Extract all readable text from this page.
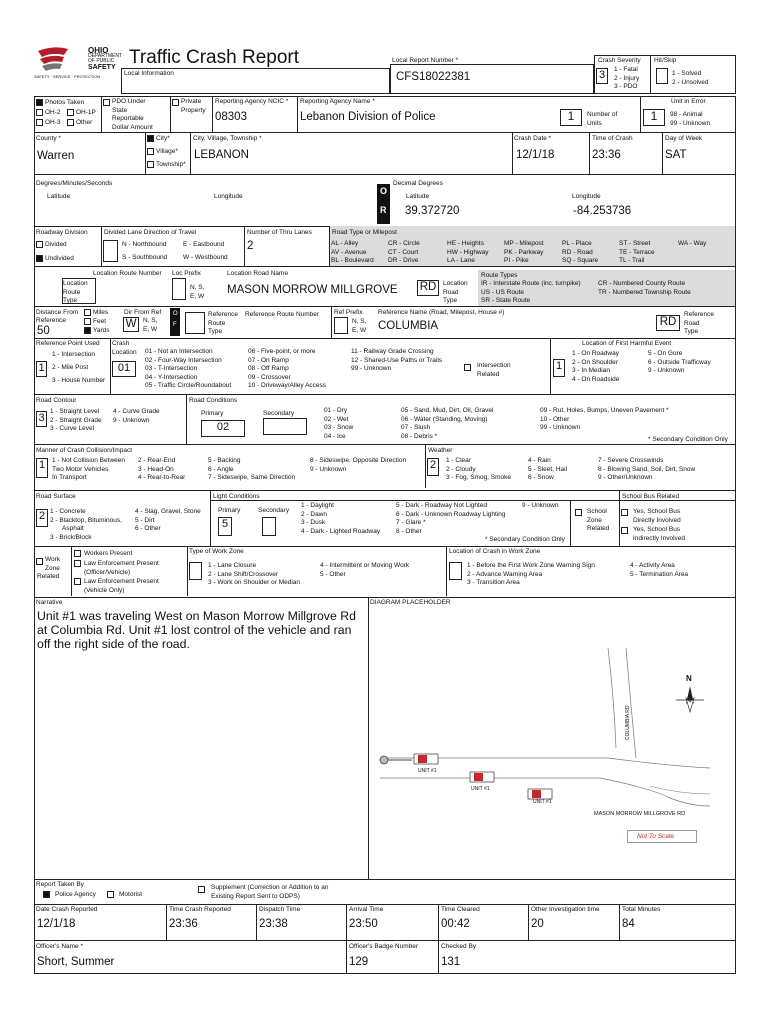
OHIO
DEPARTMENT
OF PUBLIC
SAFETY
SAFETY · SERVICE · PROTECTION
Traffic Crash Report
Local Information
Local Report Number *
CFS18022381
Crash Severity
3	1 - Fatal
2 - Injury
3 - PDO
Hit/Skip
1 - Solved
2 - Unsolved
Photos Taken
OH-2 OH-1P
OH-3 Other
PDO Under
State
Reportable
Dollar Amount
Private
Property
Reporting Agency NCIC *
08303
Reporting Agency Name *
Lebanon Division of Police	1	Number of
Units
Unit in Error
1	98 - Animal
99 - Unknown
County *
Warren
City*
Village*
Township*
City, Village, Township *
LEBANON
Crash Date *
12/1/18
Time of Crash
23:36
Day of Week
SAT
Degrees/Minutes/Seconds
Latitude	Longitude
O
R
Decimal Degrees
Latitude	Longitude
39.372720	-84.253736
Roadway Division
Divided
Undivided
Divided Lane Direction of Travel
N - Northbound	E - Eastbound
S - Southbound W - Westbound
Number of Thru Lanes
2
Road Type or Milepost
AL - Alley
AV - Avenue
BL - Boulevard
CR - Circle
CT - Court
DR - Drive
HE - Heights
HW - Highway
LA - Lane
MP - Milepost
PK - Parkway
PI - Pike
PL - Place
RD - Road
SQ - Square
ST - Street
TE - Terrace
TL - Trail
WA - Way
Location Route Number Loc Prefix	Location Road Name
Location
Route
Type
N, S,
E, W MASON MORROW MILLGROVE RD	Location
Road
Type
Route Types
IR - Interstate Route (inc. turnpike)
US - US Route
SR - State Route
CR - Numbered County Route
TR - Numbered Township Route
Distance From
Reference
50
Miles
Feet
Yards
Dir From Ref
W	N, S,
E, W
O
F
Reference
Route
Type
Reference Route Number Ref Prefix
N, S,
E, W
Reference Name (Road, Milepost, House #)
COLUMBIA	RD
Reference
Road
Type
Reference Point Used
1
1 - Intersection
2 - Mile Post
3 - House Number
Crash
Location
01
01 - Not an Intersection
02 - Four-Way Intersection
03 - T-Intersection
04 - Y-Intersection
05 - Traffic Circle/Roundabout
06 - Five-point, or more
07 - On Ramp
08 - Off Ramp
09 - Crossover
10 - Driveway/Alley Access
11 - Railway Grade Crossing
12 - Shared-Use Paths or Trails
99 - Unknown	Intersection
Related
Location of First Harmful Event
1
1 - On Roadway
2 - On Shoulder
3 - In Median
4 - On Roadside
5 - On Gore
6 - Outside Trafficway
9 - Unknown
Road Contour
3
1 - Straight Level
2 - Straight Grade
3 - Curve Level
4 - Curve Grade
9 - Unknown
Road Conditions
Primary	Secondary
02
01 - Dry
02 - Wet
03 - Snow
04 - Ice
05 - Sand, Mud, Dirt, Oil, Gravel
06 - Water (Standing, Moving)
07 - Slush
08 - Debris *
09 - Rut, Holes, Bumps, Uneven Pavement *
10 - Other
99 - Unknown
* Secondary Condition Only
Manner of Crash Collision/Impact
1	1 - Not Collision Between
Two Motor Vehicles
In Transport
2 - Rear-End
3 - Head-On
4 - Rear-to-Rear
5 - Backing
6 - Angle
7 - Sideswipe, Same Direction
8 - Sideswipe, Opposite Direction
9 - Unknown
Weather
2	1 - Clear
2 - Cloudy
3 - Fog, Smog, Smoke
4 - Rain
5 - Sleet, Hail
6 - Snow
7 - Severe Crosswinds
8 - Blowing Sand, Soil, Dirt, Snow
9 - Other/Unknown
Road Surface
2 1 - Concrete
2 - Blacktop, Bituminous,
Asphalt
3 - Brick/Block
4 - Slag, Gravel, Stone
5 - Dirt
6 - Other
Light Conditions
Primary	Secondary
5
1 - Daylight
2 - Dawn
3 - Dusk
4 - Dark - Lighted Roadway
5 - Dark - Roadway Not Lighted
6 - Dark - Unknown Roadway Lighting
7 - Glare *
8 - Other
9 - Unknown
* Secondary Condition Only
School
Zone
Related
School Bus Related
Yes, School Bus
Directly Involved
Yes, School Bus
Indirectly Involved
Work
Zone
Related
Workers Present
Law Enforcement Present
(Officer/Vehicle)
Law Enforcement Present
(Vehicle Only)
Type of Work Zone
1 - Lane Closure
2 - Lane Shift/Crossover
3 - Work on Shoulder or Median
4 - Intermittent or Moving Work
5 - Other
Location of Crash in Work Zone
1 - Before the First Work Zone Warning Sign
2 - Advance Warning Area
3 - Transition Area
4 - Activity Area
5 - Termination Area
Narrative
Unit #1 was traveling West on Mason Morrow Millgrove Rd at Columbia Rd. Unit #1 lost control of the vehicle and ran off the right side of the road.
DIAGRAM PLACEHOLDER
N
COLUMBIA RD
UNIT #1
UNIT #1
UNIT #1
MASON MORROW MILLGROVE RD
Not To Scale
Report Taken By
Police Agency	Motorist
Supplement (Correction or Addition to an
Existing Report Sent to ODPS)
Date Crash Reported
12/1/18
Time Crash Reported
23:36
Dispatch Time
23:38
Arrival Time
23:50
Time Cleared
00:42
Other Investigation time
20
Total Minutes
84
Officer's Name *
Short, Summer
Officer's Badge Number
129
Checked By
131
